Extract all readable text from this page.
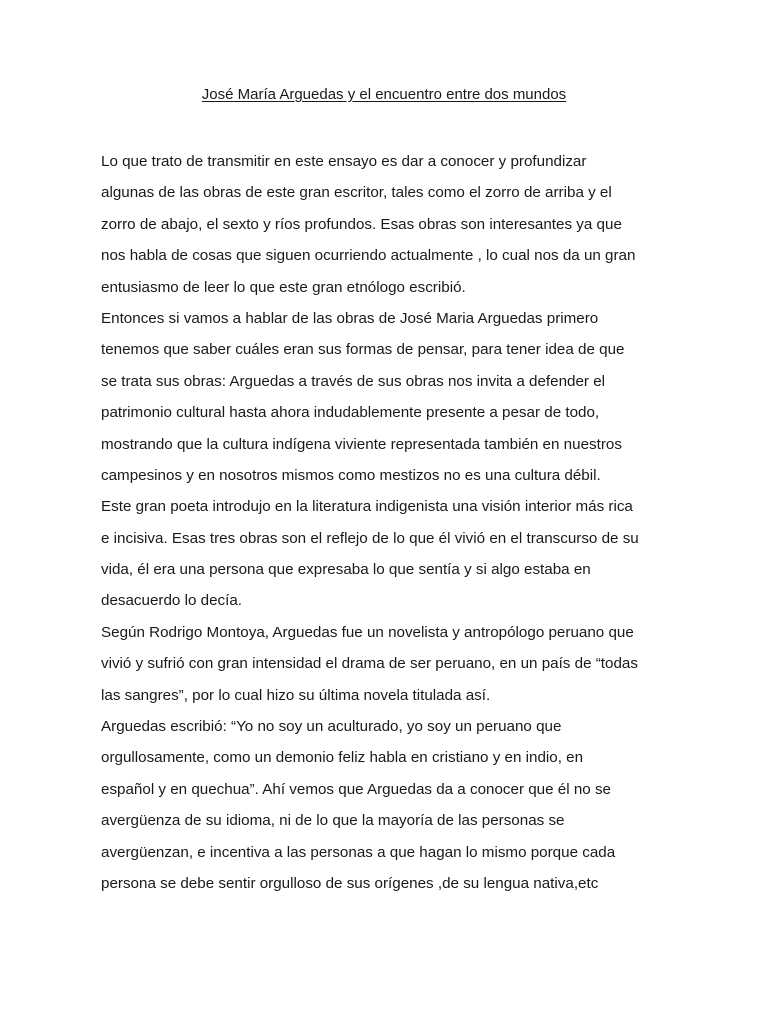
José María Arguedas y el encuentro entre dos mundos

Lo que trato de transmitir en este ensayo es dar a conocer y profundizar
algunas de las obras de este gran escritor, tales como el zorro de arriba y el
zorro de abajo, el sexto y ríos profundos. Esas obras son interesantes ya que
nos habla de cosas que siguen ocurriendo actualmente , lo cual nos da un gran
entusiasmo de leer lo que este gran etnólogo escribió.

Entonces si vamos a hablar de las obras de José Maria Arguedas primero
tenemos que saber cuáles eran sus formas de pensar, para tener idea de que
se trata sus obras: Arguedas a través de sus obras nos invita a defender el
patrimonio cultural hasta ahora indudablemente presente a pesar de todo,
mostrando que la cultura indígena viviente representada también en nuestros
campesinos y en nosotros mismos como mestizos no es una cultura débil.

Este gran poeta introdujo en la literatura indigenista una visión interior más rica
e incisiva. Esas tres obras son el reflejo de lo que él vivió en el transcurso de su
vida, él era una persona que expresaba lo que sentía y si algo estaba en
desacuerdo lo decía.

Según Rodrigo Montoya, Arguedas fue un novelista y antropólogo peruano que
vivió y sufrió con gran intensidad el drama de ser peruano, en un país de “todas
las sangres”, por lo cual hizo su última novela titulada así.

Arguedas escribió: “Yo no soy un aculturado, yo soy un peruano que
orgullosamente, como un demonio feliz habla en cristiano y en indio, en
español y en quechua”. Ahí vemos que Arguedas da a conocer que él no se
avergüenza de su idioma, ni de lo que la mayoría de las personas se
avergüenzan, e incentiva a las personas a que hagan lo mismo porque cada
persona se debe sentir orgulloso de sus orígenes ,de su lengua nativa,etc
